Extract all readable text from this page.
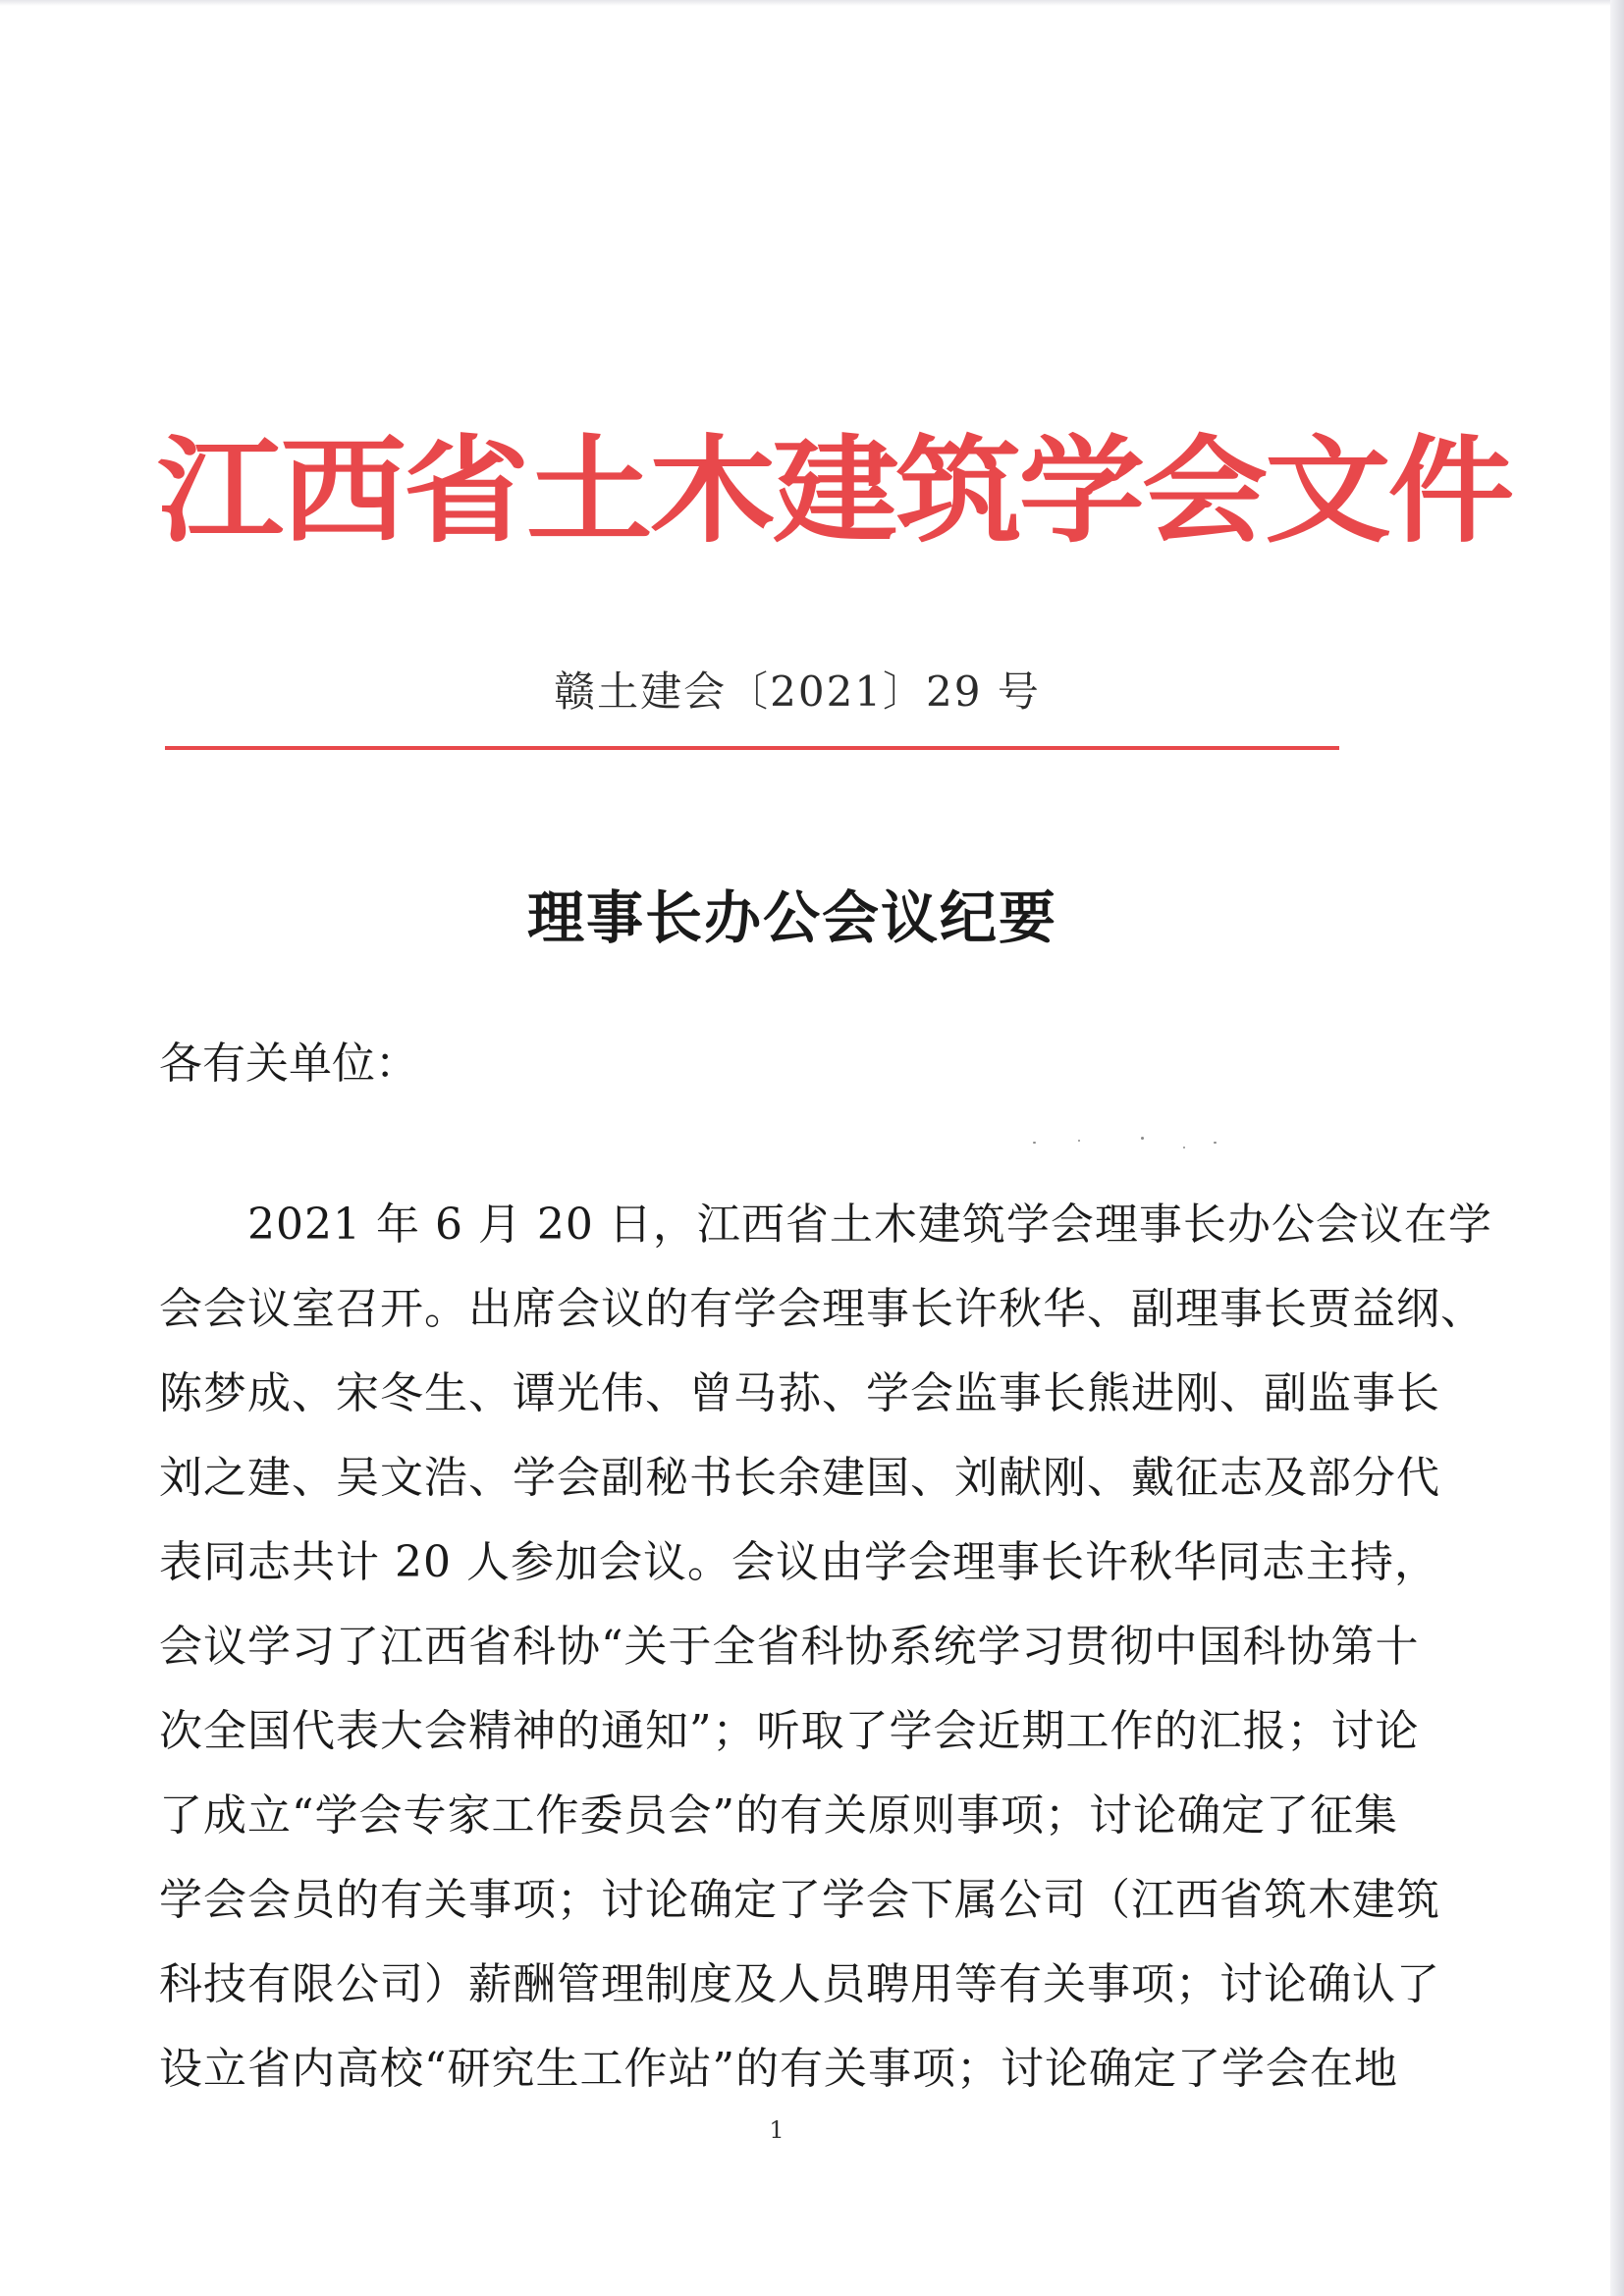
江西省土木建筑学会文件
赣土建会〔2021〕29 号
理事长办公会议纪要
各有关单位：
2021 年 6 月 20 日，江西省土木建筑学会理事长办公会议在学
会会议室召开。出席会议的有学会理事长许秋华、副理事长贾益纲、
陈梦成、宋冬生、谭光伟、曾马荪、学会监事长熊进刚、副监事长
刘之建、吴文浩、学会副秘书长余建国、刘献刚、戴征志及部分代
表同志共计 20 人参加会议。会议由学会理事长许秋华同志主持，
会议学习了江西省科协“关于全省科协系统学习贯彻中国科协第十
次全国代表大会精神的通知”；听取了学会近期工作的汇报；讨论
了成立“学会专家工作委员会”的有关原则事项；讨论确定了征集
学会会员的有关事项；讨论确定了学会下属公司（江西省筑木建筑
科技有限公司）薪酬管理制度及人员聘用等有关事项；讨论确认了
设立省内高校“研究生工作站”的有关事项；讨论确定了学会在地
1
